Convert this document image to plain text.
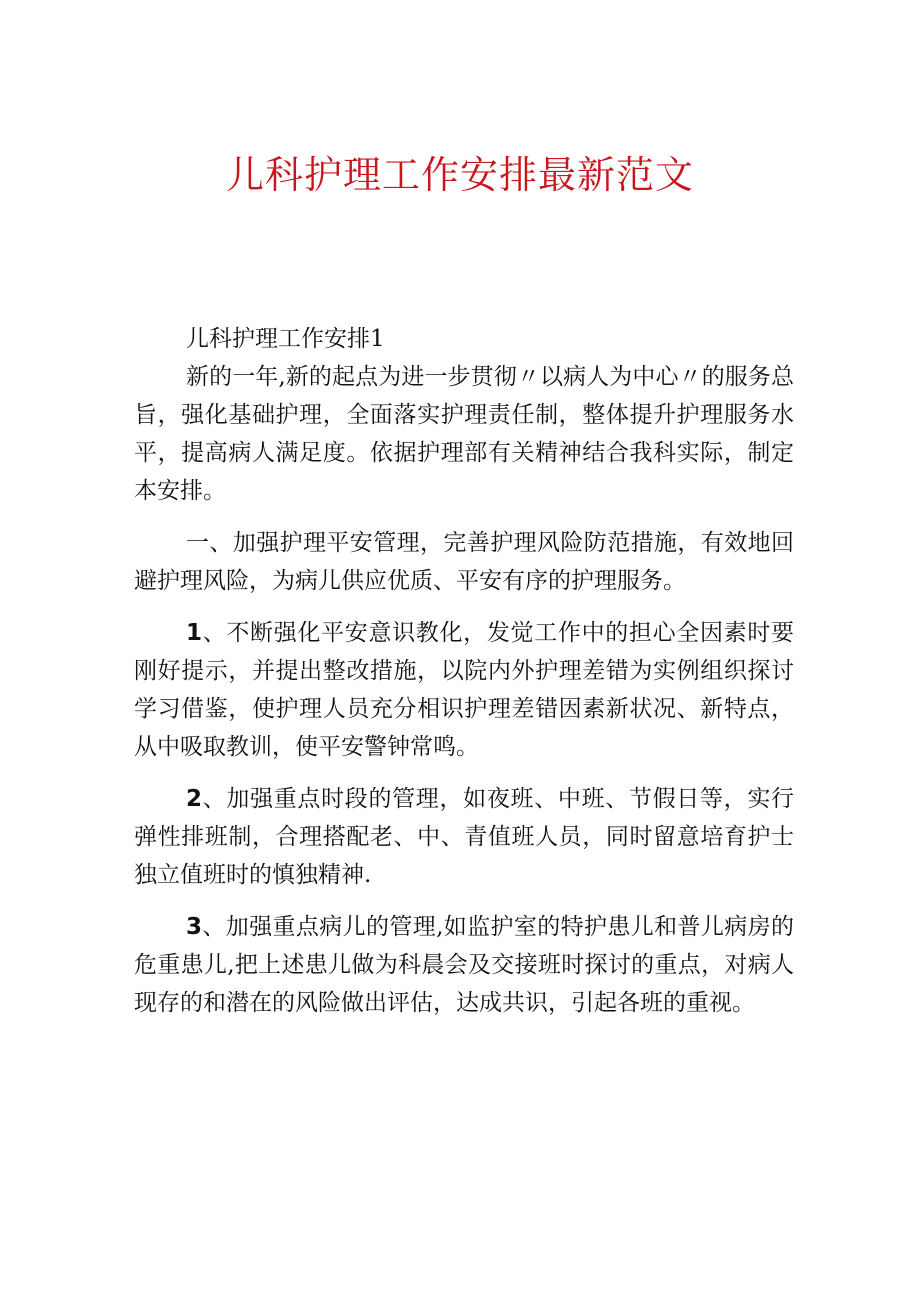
儿科护理工作安排最新范文

儿科护理工作安排1

新的一年,新的起点为进一步贯彻〃以病人为中心〃的服务总旨，强化基础护理，全面落实护理责任制，整体提升护理服务水平，提高病人满足度。依据护理部有关精神结合我科实际，制定本安排。

一、加强护理平安管理，完善护理风险防范措施，有效地回避护理风险，为病儿供应优质、平安有序的护理服务。

1、不断强化平安意识教化，发觉工作中的担心全因素时要刚好提示，并提出整改措施，以院内外护理差错为实例组织探讨学习借鉴，使护理人员充分相识护理差错因素新状况、新特点，从中吸取教训，使平安警钟常鸣。

2、加强重点时段的管理，如夜班、中班、节假日等，实行弹性排班制，合理搭配老、中、青值班人员，同时留意培育护士独立值班时的慎独精神.

3、加强重点病儿的管理,如监护室的特护患儿和普儿病房的危重患儿,把上述患儿做为科晨会及交接班时探讨的重点，对病人现存的和潜在的风险做出评估，达成共识，引起各班的重视。
